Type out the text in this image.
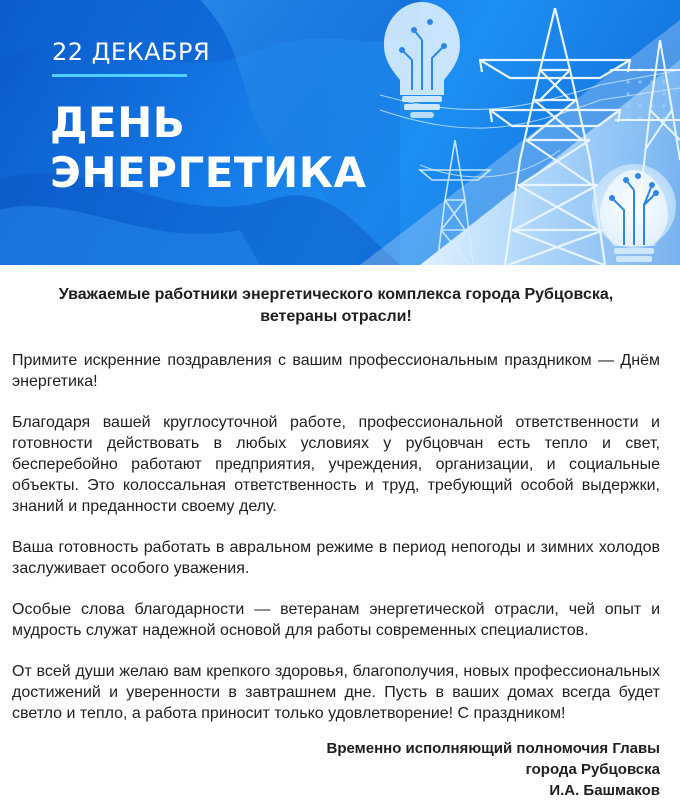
22 ДЕКАБРЯ
ДЕНЬ
ЭНЕРГЕТИКА
Уважаемые работники энергетического комплекса города Рубцовска,
ветераны отрасли!

Примите искренние поздравления с вашим профессиональным праздником — Днём энергетика!

Благодаря вашей круглосуточной работе, профессиональной ответственности и готовности действовать в любых условиях у рубцовчан есть тепло и свет, бесперебойно работают предприятия, учреждения, организации, и социальные объекты. Это колоссальная ответственность и труд, требующий особой выдержки, знаний и преданности своему делу.

Ваша готовность работать в авральном режиме в период непогоды и зимних холодов заслуживает особого уважения.

Особые слова благодарности — ветеранам энергетической отрасли, чей опыт и мудрость служат надежной основой для работы современных специалистов.

От всей души желаю вам крепкого здоровья, благополучия, новых профессиональных достижений и уверенности в завтрашнем дне. Пусть в ваших домах всегда будет светло и тепло, а работа приносит только удовлетворение! С праздником!

Временно исполняющий полномочия Главы
города Рубцовска
И.А. Башмаков
